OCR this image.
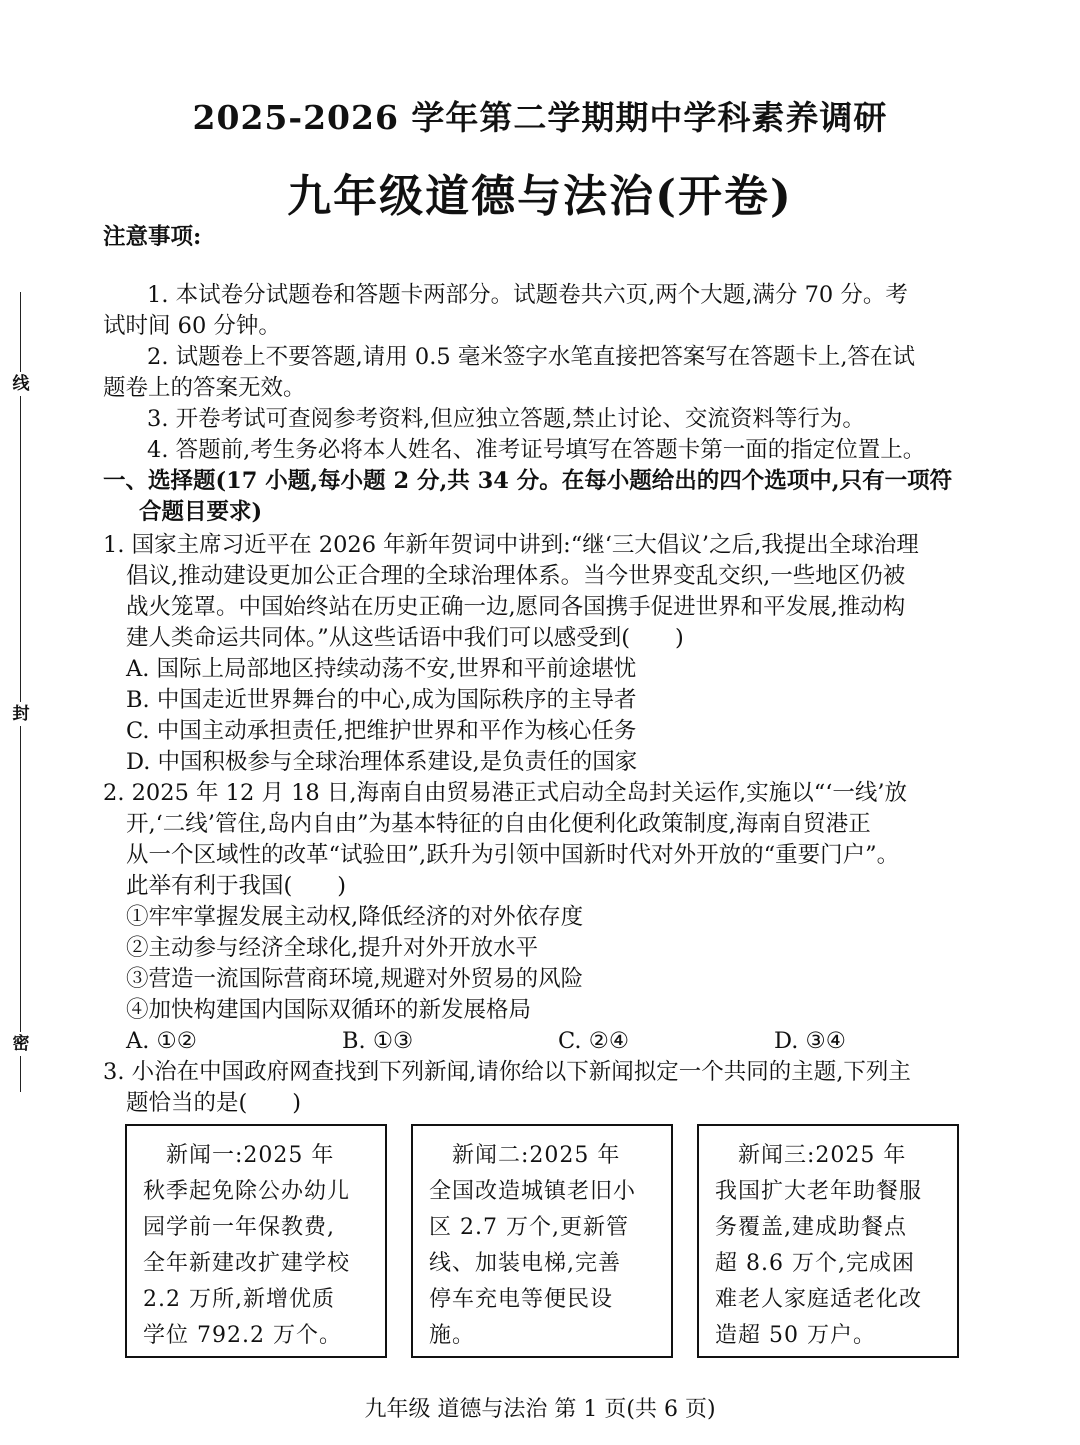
线
封
密
2025-2026 学年第二学期期中学科素养调研
九年级道德与法治(开卷)
注意事项:
1. 本试卷分试题卷和答题卡两部分。试题卷共六页,两个大题,满分 70 分。考
试时间 60 分钟。
2. 试题卷上不要答题,请用 0.5 毫米签字水笔直接把答案写在答题卡上,答在试
题卷上的答案无效。
3. 开卷考试可查阅参考资料,但应独立答题,禁止讨论、交流资料等行为。
4. 答题前,考生务必将本人姓名、准考证号填写在答题卡第一面的指定位置上。
一、选择题(17 小题,每小题 2 分,共 34 分。在每小题给出的四个选项中,只有一项符
合题目要求)
1. 国家主席习近平在 2026 年新年贺词中讲到:“继‘三大倡议’之后,我提出全球治理
倡议,推动建设更加公正合理的全球治理体系。当今世界变乱交织,一些地区仍被
战火笼罩。中国始终站在历史正确一边,愿同各国携手促进世界和平发展,推动构
建人类命运共同体。”从这些话语中我们可以感受到(　　)
A. 国际上局部地区持续动荡不安,世界和平前途堪忧
B. 中国走近世界舞台的中心,成为国际秩序的主导者
C. 中国主动承担责任,把维护世界和平作为核心任务
D. 中国积极参与全球治理体系建设,是负责任的国家
2. 2025 年 12 月 18 日,海南自由贸易港正式启动全岛封关运作,实施以“‘一线’放
开,‘二线’管住,岛内自由”为基本特征的自由化便利化政策制度,海南自贸港正
从一个区域性的改革“试验田”,跃升为引领中国新时代对外开放的“重要门户”。
此举有利于我国(　　)
①牢牢掌握发展主动权,降低经济的对外依存度
②主动参与经济全球化,提升对外开放水平
③营造一流国际营商环境,规避对外贸易的风险
④加快构建国内国际双循环的新发展格局
A. ①②	B. ①③	C. ②④	D. ③④
3. 小治在中国政府网查找到下列新闻,请你给以下新闻拟定一个共同的主题,下列主
题恰当的是(　　)
　新闻一:2025 年
秋季起免除公办幼儿
园学前一年保教费,
全年新建改扩建学校
2.2 万所,新增优质
学位 792.2 万个。
　新闻二:2025 年
全国改造城镇老旧小
区 2.7 万个,更新管
线、加装电梯,完善
停车充电等便民设
施。
　新闻三:2025 年
我国扩大老年助餐服
务覆盖,建成助餐点
超 8.6 万个,完成困
难老人家庭适老化改
造超 50 万户。
九年级 道德与法治 第 1 页(共 6 页)
